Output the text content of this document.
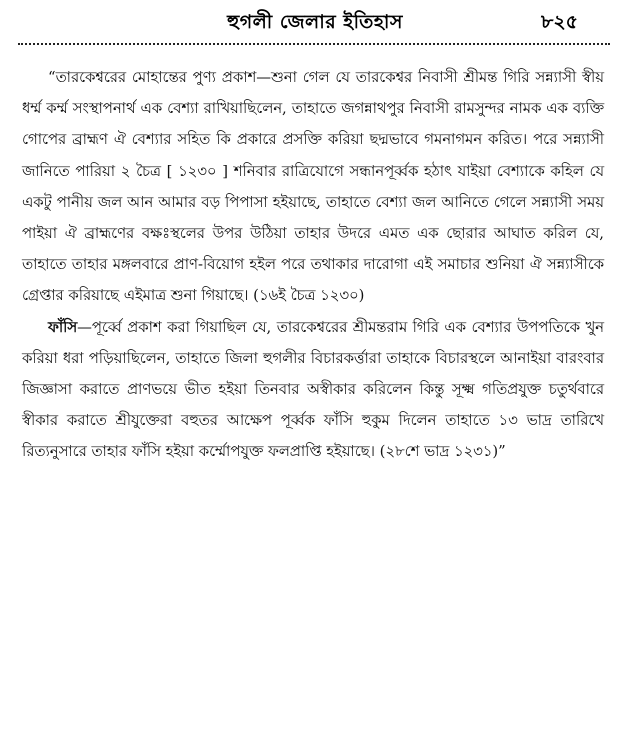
হুগলী জেলার ইতিহাস	৮২৫

“তারকেশ্বরের মোহান্তের পুণ্য প্রকাশ—শুনা গেল যে তারকেশ্বর নিবাসী শ্রীমন্ত গিরি সন্ন্যাসী স্বীয় ধর্ম্ম কর্ম্ম সংস্থাপনার্থ এক বেশ্যা রাখিয়াছিলেন, তাহাতে জগন্নাথপুর নিবাসী রামসুন্দর নামক এক ব্যক্তি গোপের ব্রাহ্মণ ঐ বেশ্যার সহিত কি প্রকারে প্রসক্তি করিয়া ছদ্মভাবে গমনাগমন করিত। পরে সন্ন্যাসী জানিতে পারিয়া ২ চৈত্র [ ১২৩০ ] শনিবার রাত্রিযোগে সন্ধানপূর্ব্বক হঠাৎ যাইয়া বেশ্যাকে কহিল যে একটু পানীয় জল আন আমার বড় পিপাসা হইয়াছে, তাহাতে বেশ্যা জল আনিতে গেলে সন্ন্যাসী সময় পাইয়া ঐ ব্রাহ্মণের বক্ষঃস্থলের উপর উঠিয়া তাহার উদরে এমত এক ছোরার আঘাত করিল যে, তাহাতে তাহার মঙ্গলবারে প্রাণ-বিয়োগ হইল পরে তথাকার দারোগা এই সমাচার শুনিয়া ঐ সন্ন্যাসীকে গ্রেপ্তার করিয়াছে এইমাত্র শুনা গিয়াছে। (১৬ই চৈত্র ১২৩০)

ফাঁসি—পূর্ব্বে প্রকাশ করা গিয়াছিল যে, তারকেশ্বরের শ্রীমন্তরাম গিরি এক বেশ্যার উপপতিকে খুন করিয়া ধরা পড়িয়াছিলেন, তাহাতে জিলা হুগলীর বিচারকর্ত্তারা তাহাকে বিচারস্থলে আনাইয়া বারংবার জিজ্ঞাসা করাতে প্রাণভয়ে ভীত হইয়া তিনবার অস্বীকার করিলেন কিন্তু সূক্ষ্ম গতিপ্রযুক্ত চতুর্থবারে স্বীকার করাতে শ্রীযুক্তেরা বহুতর আক্ষেপ পূর্ব্বক ফাঁসি হুকুম দিলেন তাহাতে ১৩ ভাদ্র তারিখে রিত্যনুসারে তাহার ফাঁসি হইয়া কর্ম্মোপযুক্ত ফলপ্রাপ্তি হইয়াছে। (২৮শে ভাদ্র ১২৩১)”
